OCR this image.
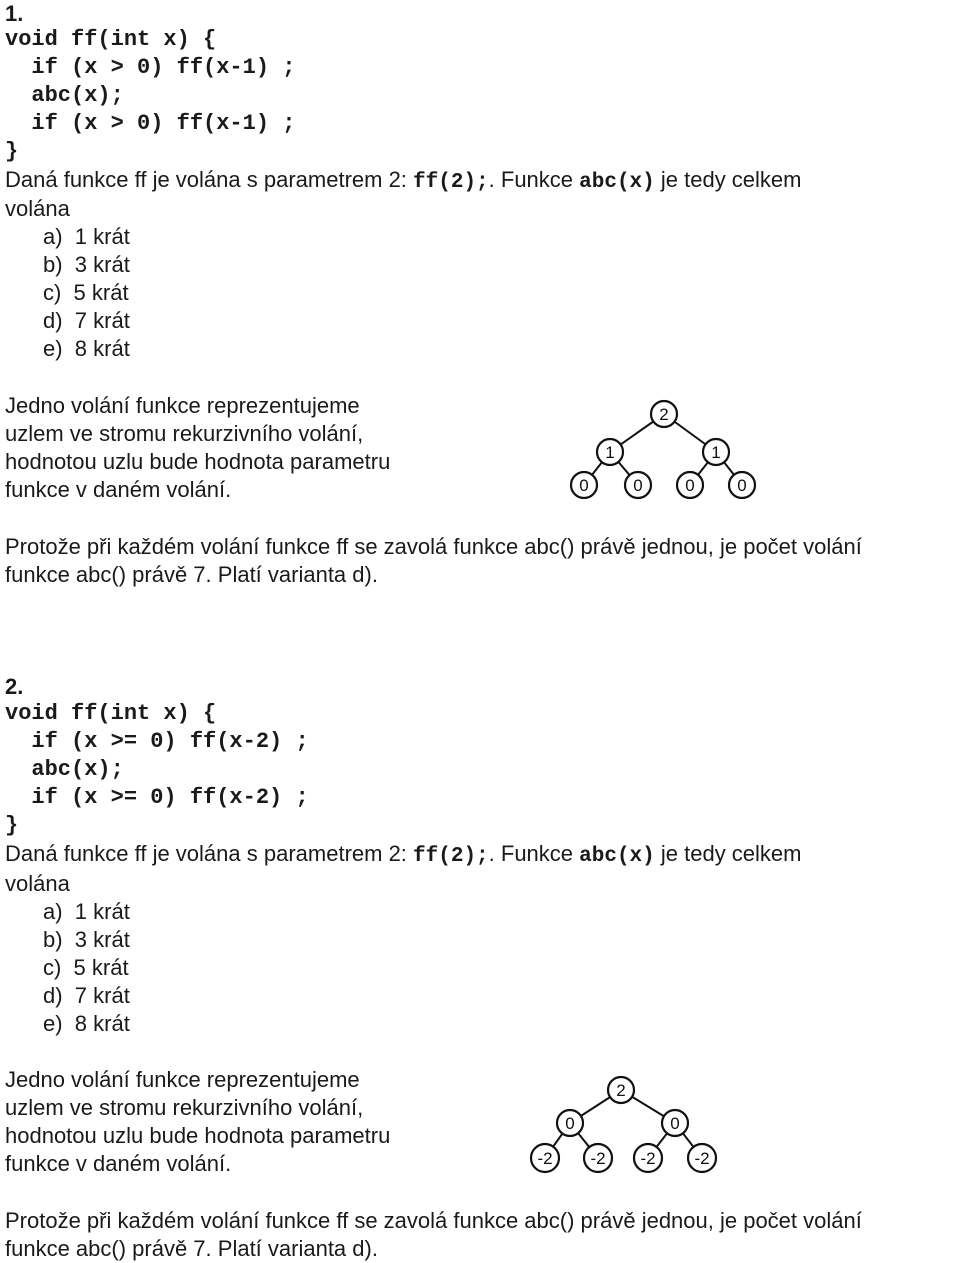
1.
void ff(int x) {
if (x > 0) ff(x-1) ;
abc(x);
if (x > 0) ff(x-1) ;
}
Daná funkce ff je volána s parametrem 2: ff(2);. Funkce abc(x) je tedy celkem
volána
a)  1 krát
b)  3 krát
c)  5 krát
d)  7 krát
e)  8 krát
Jedno volání funkce reprezentujeme
uzlem ve stromu rekurzivního volání,
hodnotou uzlu bude hodnota parametru
funkce v daném volání.
2
1	1
0	0	0	0
Protože při každém volání funkce ff se zavolá funkce abc() právě jednou, je počet volání
funkce abc() právě 7. Platí varianta d).
2.
void ff(int x) {
if (x >= 0) ff(x-2) ;
abc(x);
if (x >= 0) ff(x-2) ;
}
Daná funkce ff je volána s parametrem 2: ff(2);. Funkce abc(x) je tedy celkem
volána
a)  1 krát
b)  3 krát
c)  5 krát
d)  7 krát
e)  8 krát
Jedno volání funkce reprezentujeme
uzlem ve stromu rekurzivního volání,
hodnotou uzlu bude hodnota parametru
funkce v daném volání.
2
0	0
-2 -2 -2 -2
Protože při každém volání funkce ff se zavolá funkce abc() právě jednou, je počet volání
funkce abc() právě 7. Platí varianta d).
